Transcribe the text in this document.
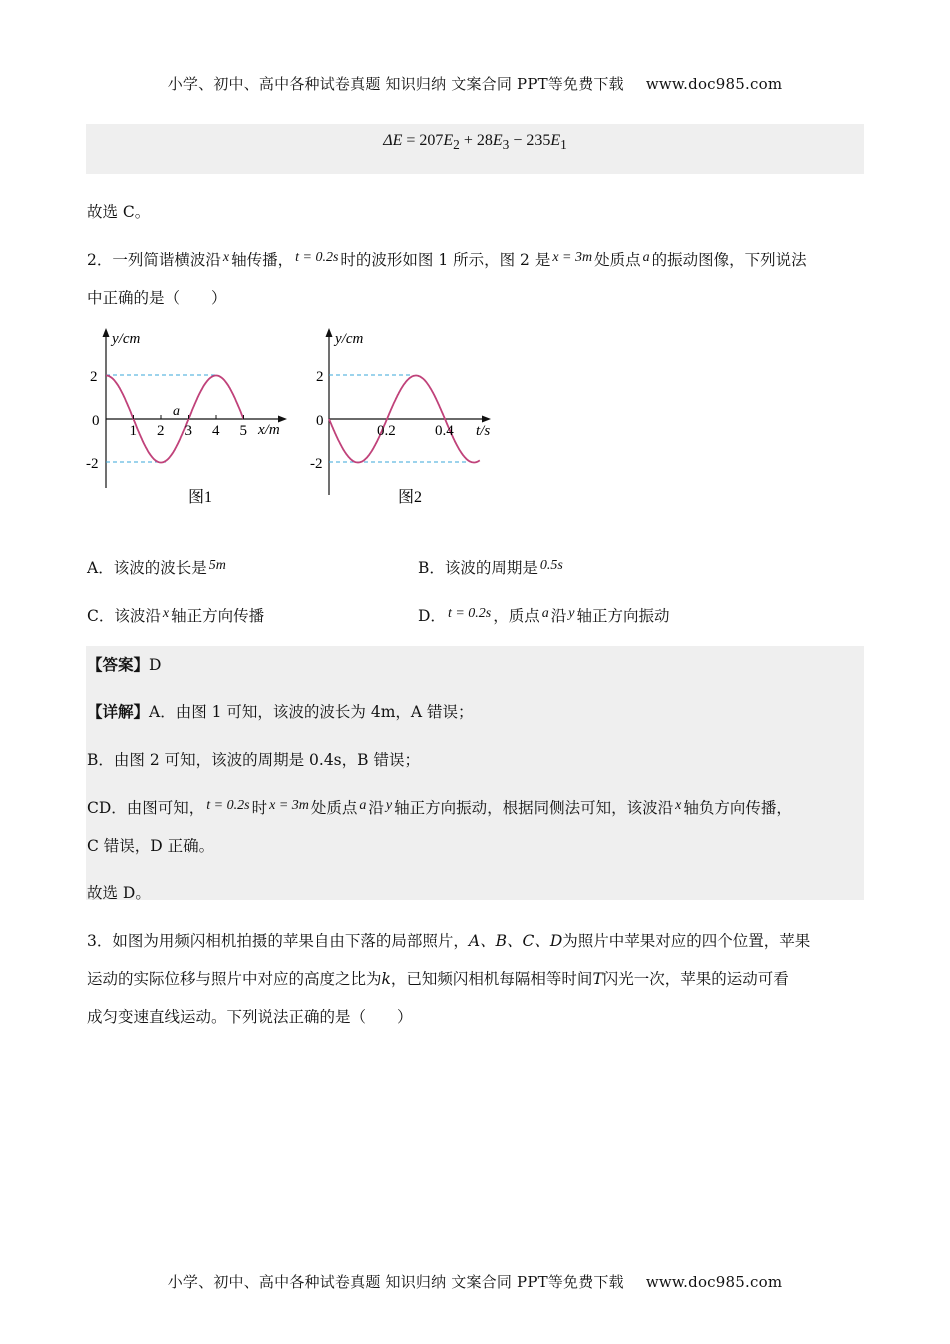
小学、初中、高中各种试卷真题 知识归纳 文案合同 PPT等免费下载 www.doc985.com
$\Delta E = 207E_2 + 28E_3 - 235E_1$
故选 C。
2．一列简谐横波沿 x 轴传播， t = 0.2s 时的波形如图 1 所示，图 2 是 x = 3m 处质点 a 的振动图像，下列说法
中正确的是（　　）
y/cm
2
0
-2
1 2 3 4 5
a
x/m
图1
y/cm
2
0
-2
0.2	0.4 t/s
图2
A．该波的波长是 5m	B．该波的周期是 0.5s
C．该波沿 x 轴正方向传播	D． t = 0.2s ，质点 a 沿 y 轴正方向振动
【答案】D
【详解】A．由图 1 可知，该波的波长为 4m，A 错误；
B．由图 2 可知，该波的周期是 0.4s，B 错误；
CD．由图可知， t = 0.2s 时 x = 3m 处质点 a 沿 y 轴正方向振动，根据同侧法可知，该波沿 x 轴负方向传播，
C 错误，D 正确。
故选 D。
3．如图为用频闪相机拍摄的苹果自由下落的局部照片，A、B、C、D为照片中苹果对应的四个位置，苹果
运动的实际位移与照片中对应的高度之比为k，已知频闪相机每隔相等时间T闪光一次，苹果的运动可看
成匀变速直线运动。下列说法正确的是（　　）
小学、初中、高中各种试卷真题 知识归纳 文案合同 PPT等免费下载 www.doc985.com
